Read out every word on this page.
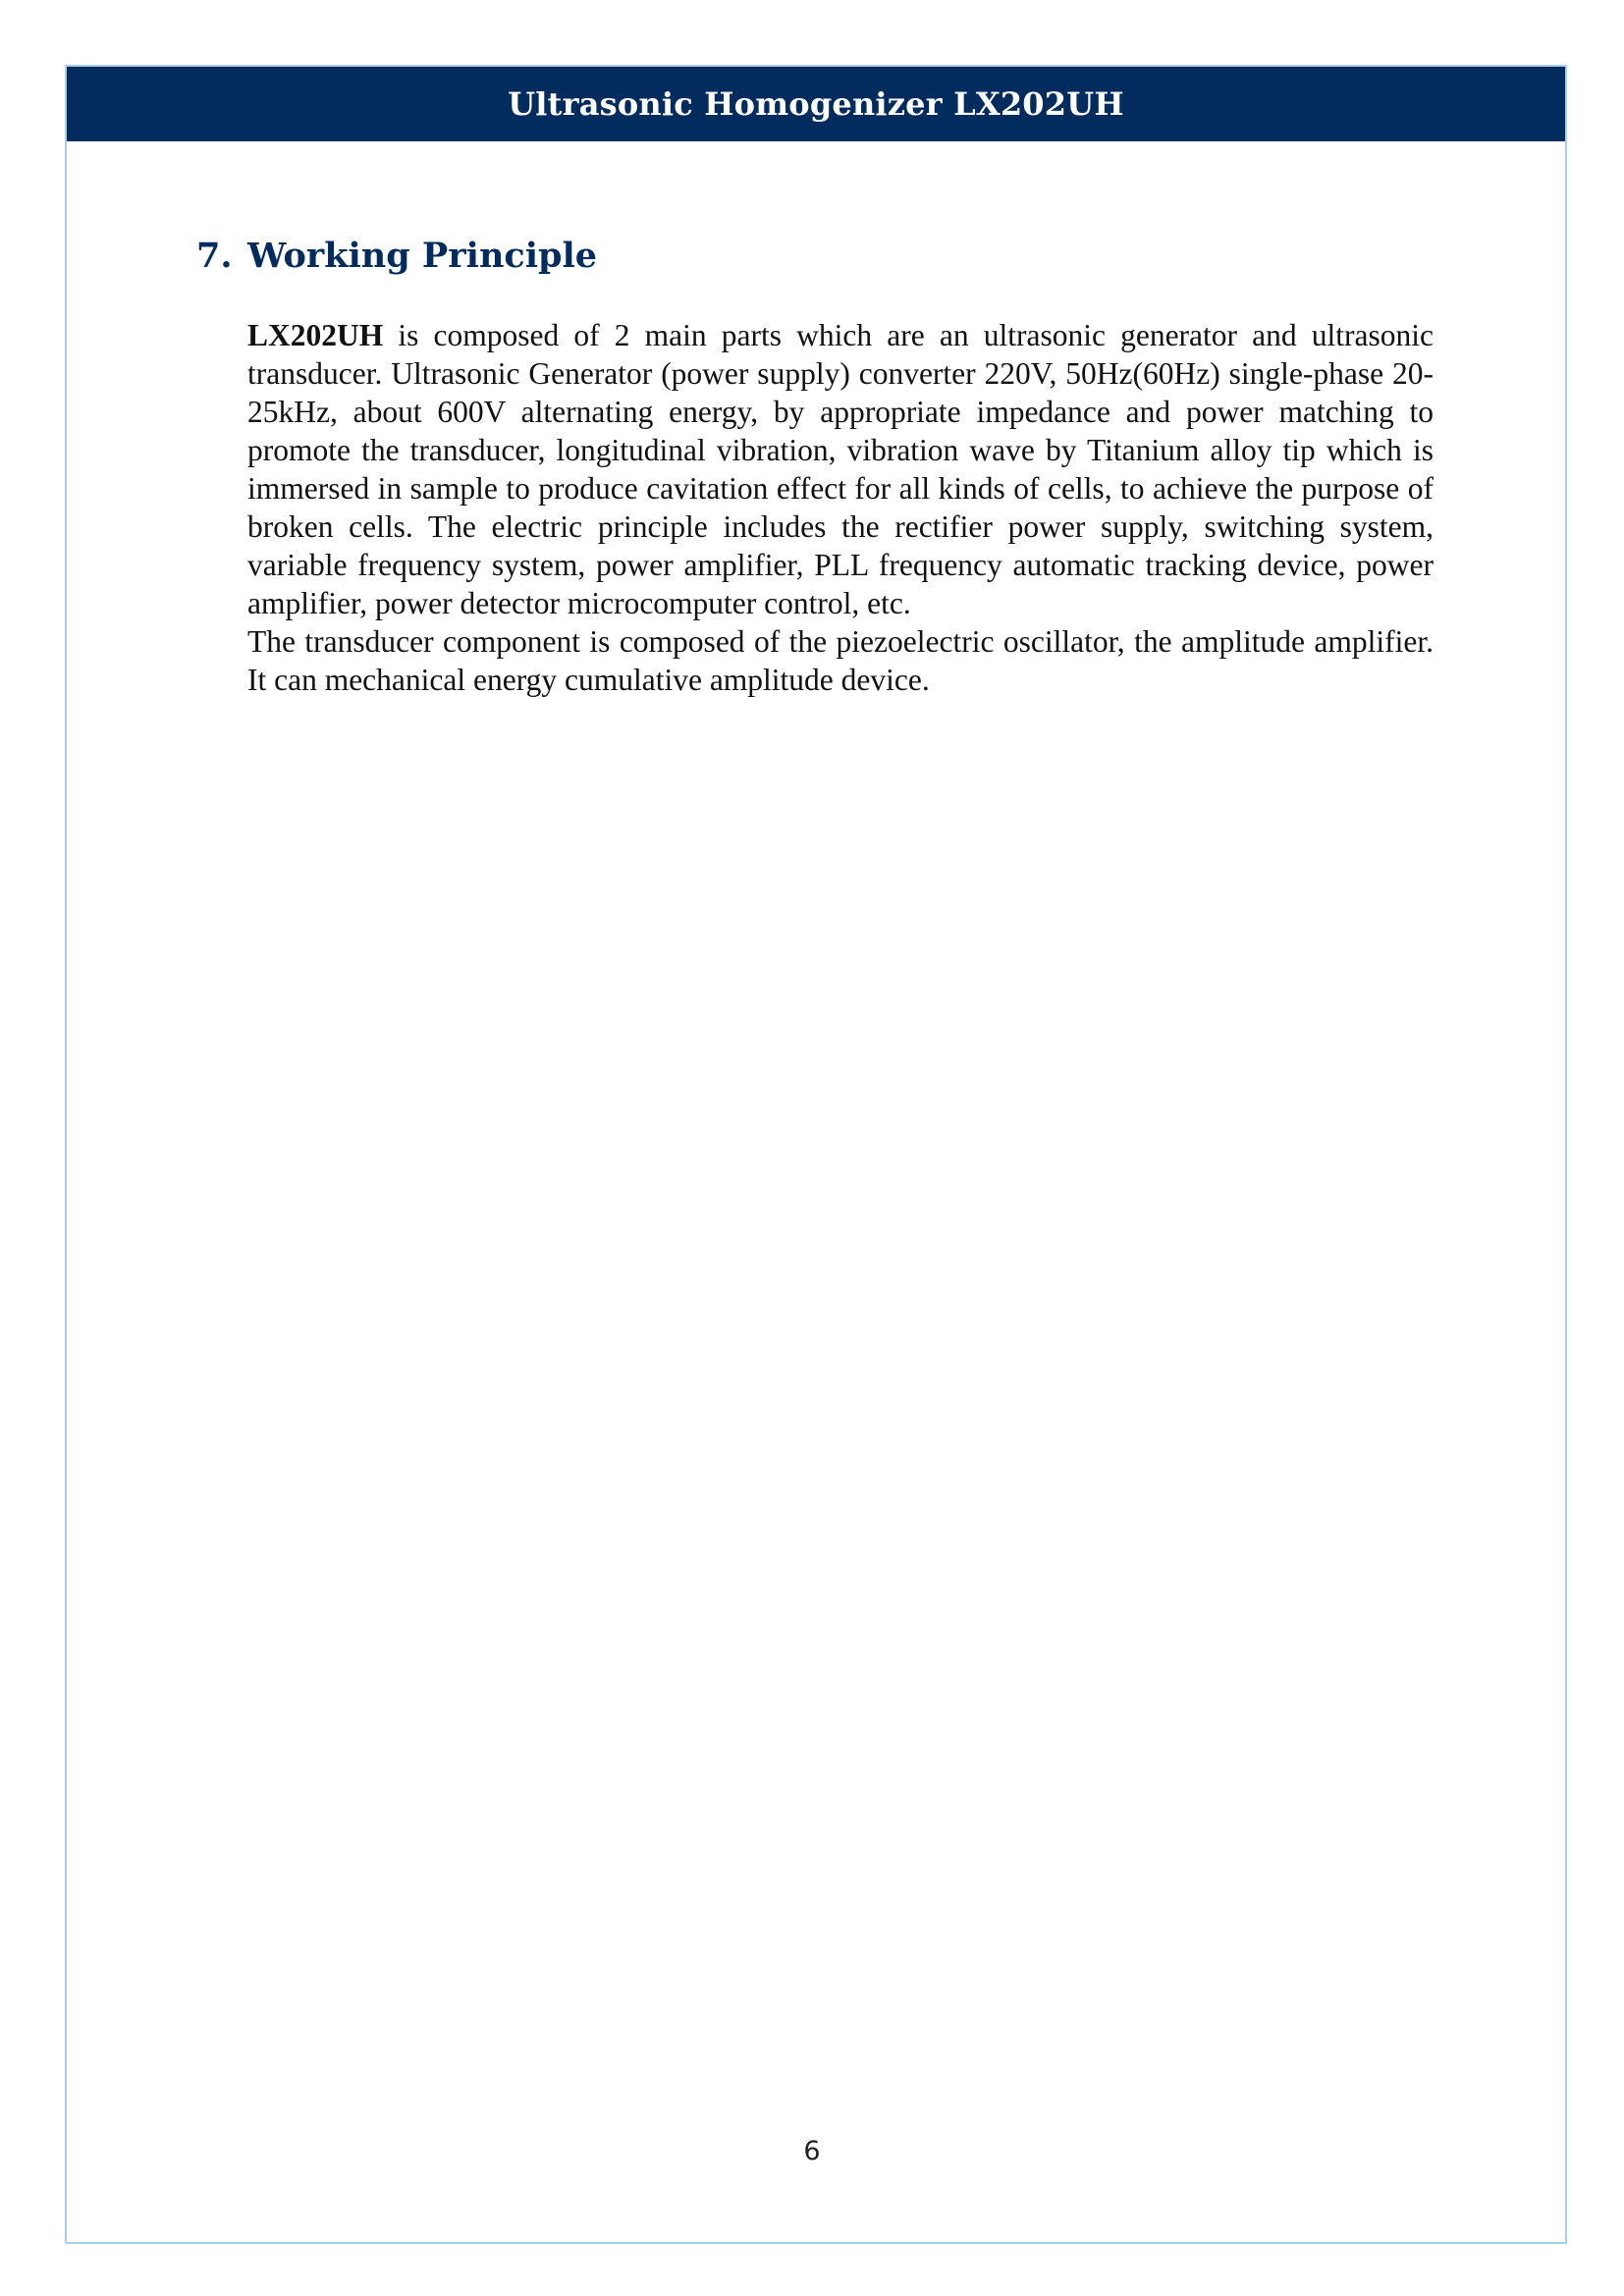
Ultrasonic Homogenizer LX202UH
7. Working Principle

LX202UH is composed of 2 main parts which are an ultrasonic generator and ultrasonic transducer. Ultrasonic Generator (power supply) converter 220V, 50Hz(60Hz) single-phase 20-25kHz, about 600V alternating energy, by appropriate impedance and power matching to promote the transducer, longitudinal vibration, vibration wave by Titanium alloy tip which is immersed in sample to produce cavitation effect for all kinds of cells, to achieve the purpose of broken cells. The electric principle includes the rectifier power supply, switching system, variable frequency system, power amplifier, PLL frequency automatic tracking device, power amplifier, power detector microcomputer control, etc.

The transducer component is composed of the piezoelectric oscillator, the amplitude amplifier. It can mechanical energy cumulative amplitude device.

6
